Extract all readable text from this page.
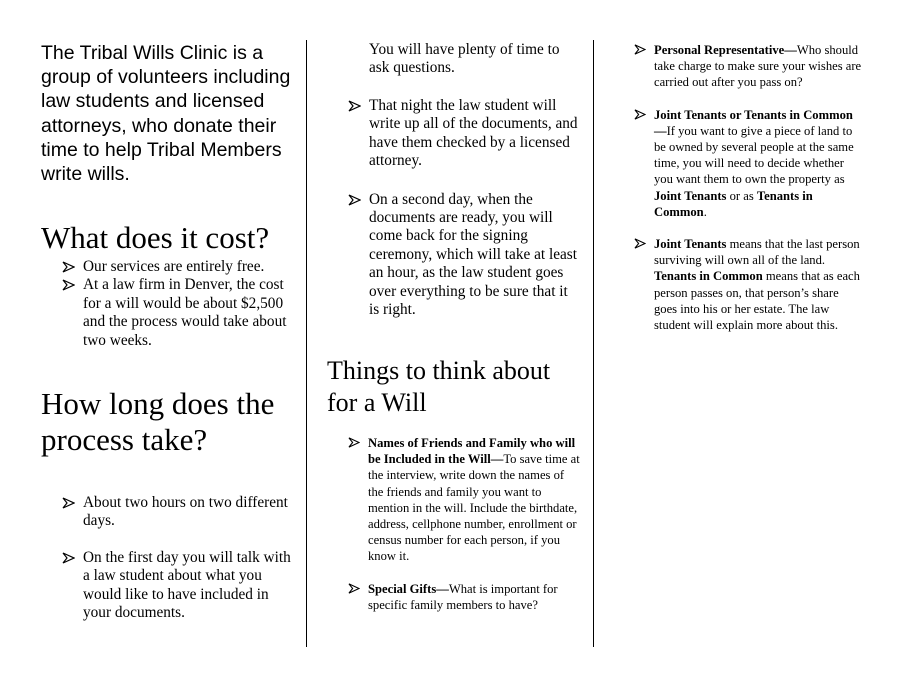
The Tribal Wills Clinic is a group of volunteers including law students and licensed attorneys, who donate their time to help Tribal Members write wills.

What does it cost?
Our services are entirely free.
At a law firm in Denver, the cost for a will would be about $2,500 and the process would take about two weeks.
How long does the process take?
About two hours on two different days.
On the first day you will talk with a law student about what you would like to have included in your documents.
You will have plenty of time to ask questions.
That night the law student will write up all of the documents, and have them checked by a licensed attorney.
On a second day, when the documents are ready, you will come back for the signing ceremony, which will take at least an hour, as the law student goes over everything to be sure that it is right.
Things to think about for a Will
Names of Friends and Family who will be Included in the Will—To save time at the interview, write down the names of the friends and family you want to mention in the will. Include the birthdate, address, cellphone number, enrollment or census number for each person, if you know it.
Special Gifts—What is important for specific family members to have?
Personal Representative—Who should take charge to make sure your wishes are carried out after you pass on?
Joint Tenants or Tenants in Common—If you want to give a piece of land to be owned by several people at the same time, you will need to decide whether you want them to own the property as Joint Tenants or as Tenants in Common.
Joint Tenants means that the last person surviving will own all of the land. Tenants in Common means that as each person passes on, that person’s share goes into his or her estate. The law student will explain more about this.
